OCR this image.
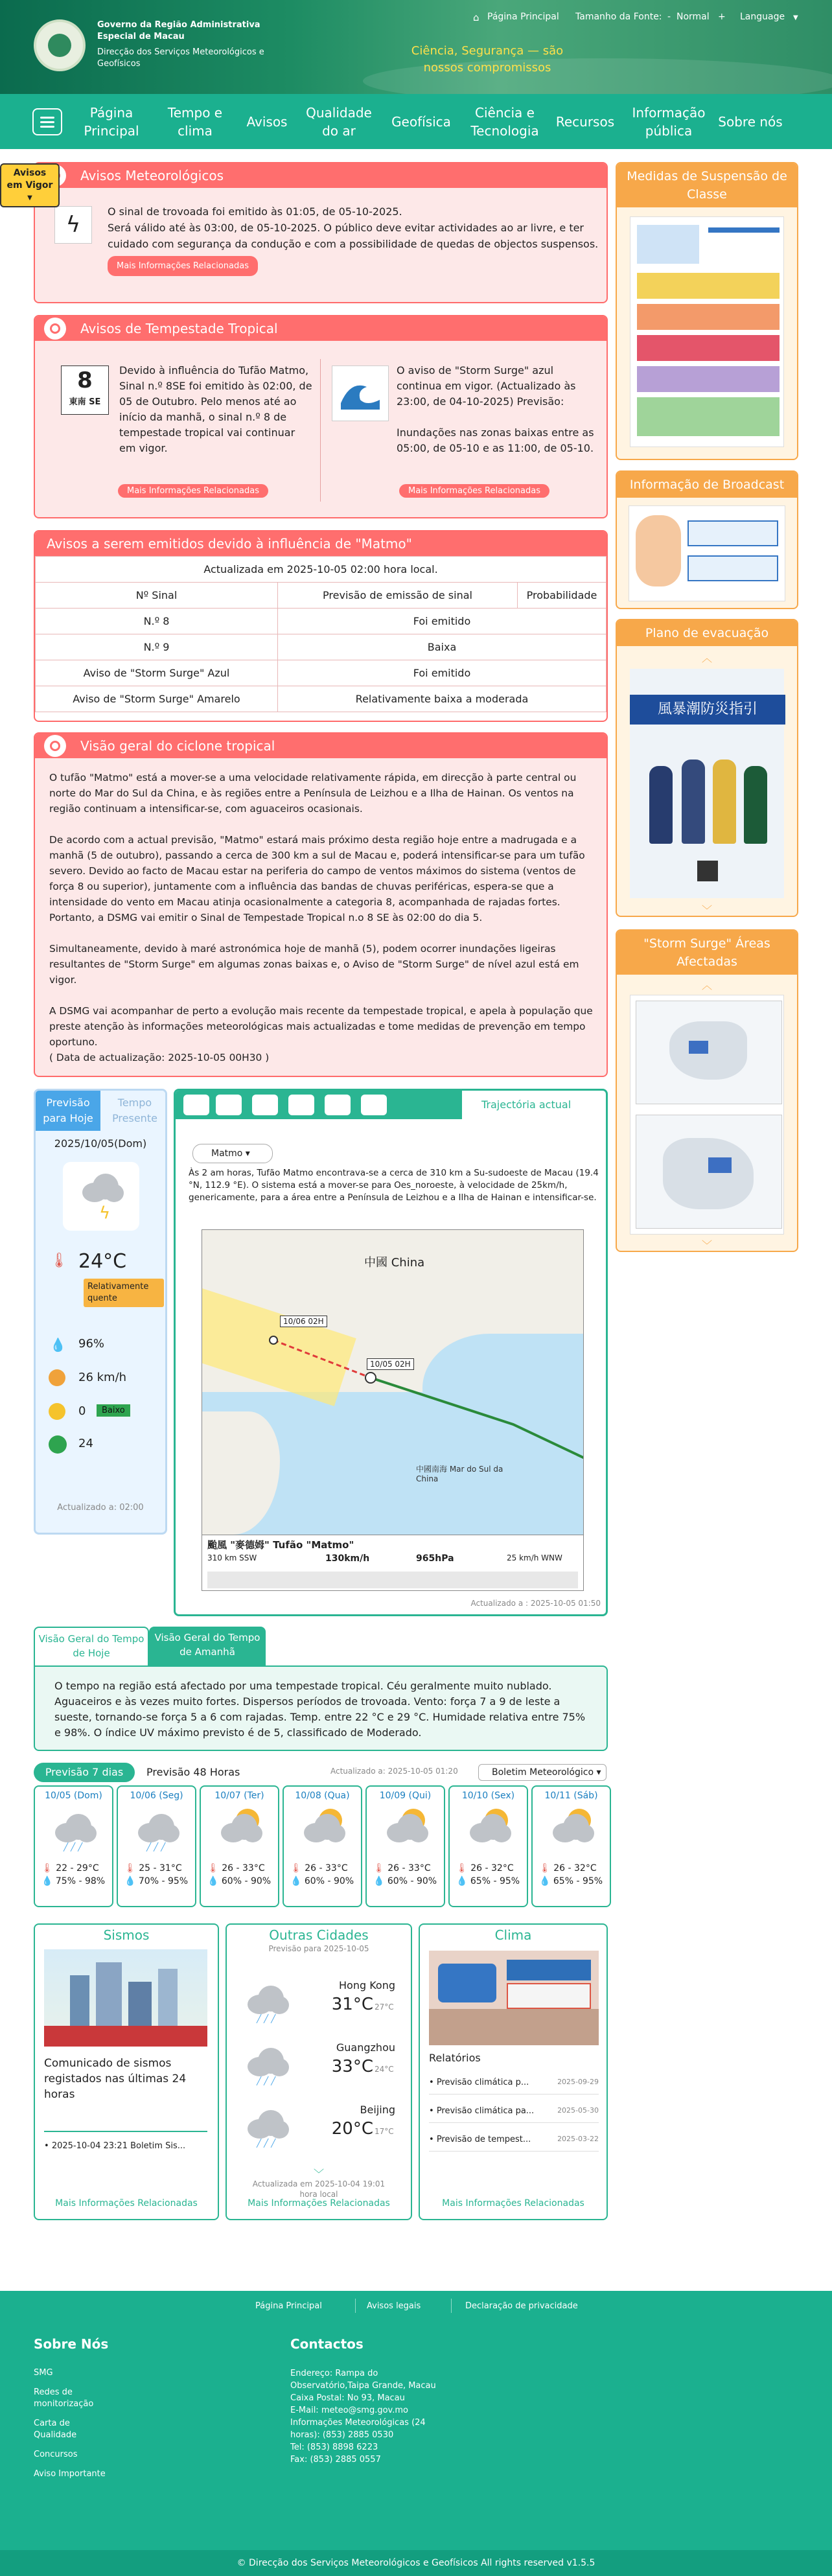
Governo da Região Administrativa Especial de Macau
Direcção dos Serviços Meteorológicos e Geofísicos
Ciência, Segurança — são nossos compromissos
⌂ Página Principal Tamanho da Fonte: - Normal + Language ▼
Página Principal
Tempo e clima
Avisos
Qualidade do ar
Geofísica
Ciência e Tecnologia
Recursos
Informação pública
Sobre nós
Avisos em Vigor
▼
Avisos Meteorológicos
ϟ
O sinal de trovoada foi emitido às 01:05, de 05-10-2025.
Será válido até às 03:00, de 05-10-2025. O público deve evitar actividades ao ar livre, e ter cuidado com segurança da condução e com a possibilidade de quedas de objectos suspensos.
Mais Informações Relacionadas
Avisos de Tempestade Tropical
8
東南 SE
Devido à influência do Tufão Matmo, Sinal n.º 8SE foi emitido às 02:00, de 05 de Outubro. Pelo menos até ao início da manhã, o sinal n.º 8 de tempestade tropical vai continuar em vigor.
Mais Informações Relacionadas
O aviso de "Storm Surge" azul continua em vigor. (Actualizado às 23:00, de 04-10-2025) Previsão:
Inundações nas zonas baixas entre as 05:00, de 05-10 e as 11:00, de 05-10.
Mais Informações Relacionadas
Avisos a serem emitidos devido à influência de "Matmo"
Actualizada em 2025-10-05 02:00 hora local.		
Nº Sinal	Previsão de emissão de sinal	Probabilidade
N.º 8	Foi emitido	
N.º 9	Baixa	
Aviso de "Storm Surge" Azul	Foi emitido	
Aviso de "Storm Surge" Amarelo	Relativamente baixa a moderada	
Visão geral do ciclone tropical

O tufão "Matmo" está a mover-se a uma velocidade relativamente rápida, em direcção à parte central ou norte do Mar do Sul da China, e às regiões entre a Península de Leizhou e a Ilha de Hainan. Os ventos na região continuam a intensificar-se, com aguaceiros ocasionais.

De acordo com a actual previsão, "Matmo" estará mais próximo desta região hoje entre a madrugada e a manhã (5 de outubro), passando a cerca de 300 km a sul de Macau e, poderá intensificar-se para um tufão severo. Devido ao facto de Macau estar na periferia do campo de ventos máximos do sistema (ventos de força 8 ou superior), juntamente com a influência das bandas de chuvas periféricas, espera-se que a intensidade do vento em Macau atinja ocasionalmente a categoria 8, acompanhada de rajadas fortes. Portanto, a DSMG vai emitir o Sinal de Tempestade Tropical n.o 8 SE às 02:00 do dia 5.

Simultaneamente, devido à maré astronómica hoje de manhã (5), podem ocorrer inundações ligeiras resultantes de "Storm Surge" em algumas zonas baixas e, o Aviso de "Storm Surge" de nível azul está em vigor.

A DSMG vai acompanhar de perto a evolução mais recente da tempestade tropical, e apela à população que preste atenção às informações meteorológicas mais actualizadas e tome medidas de prevenção em tempo oportuno.

( Data de actualização: 2025-10-05 00H30 )

Medidas de Suspensão de Classe
Informação de Broadcast
Plano de evacuação
︿
風暴潮防災指引
﹀
"Storm Surge" Áreas Afectadas
︿
﹀
Previsão para Hoje
Tempo Presente
2025/10/05(Dom)
ϟ
🌡 24°C
Relativamente quente
💧 96%
26 km/h
0	Baixo
24
Actualizado a: 02:00
Trajectória actual
Matmo ▾
Às 2 am horas, Tufão Matmo encontrava-se a cerca de 310 km a Su-sudoeste de Macau (19.4 °N, 112.9 °E). O sistema está a mover-se para Oes_noroeste, à velocidade de 25km/h, genericamente, para a área entre a Península de Leizhou e a Ilha de Hainan e intensificar-se.
中國 China
中國南海 Mar do Sul da China
10/06 02H
10/05 02H
颱風 "麥德姆" Tufão "Matmo"
310 km SSW	130km/h	965hPa	25 km/h WNW
Actualizado a : 2025-10-05 01:50
Visão Geral do Tempo de Hoje
Visão Geral do Tempo de Amanhã
O tempo na região está afectado por uma tempestade tropical. Céu geralmente muito nublado. Aguaceiros e às vezes muito fortes. Dispersos períodos de trovoada. Vento: força 7 a 9 de leste a sueste, tornando-se força 5 a 6 com rajadas. Temp. entre 22 °C e 29 °C. Humidade relativa entre 75% e 98%. O índice UV máximo previsto é de 5, classificado de Moderado.
Previsão 7 dias	Previsão 48 Horas	Actualizado a: 2025-10-05 01:20	Boletim Meteorológico ▾
10/05 (Dom)
╱ ╱ ╱
🌡 22 - 29°C
💧 75% - 98%
10/06 (Seg)
╱ ╱ ╱
🌡 25 - 31°C
💧 70% - 95%
10/07 (Ter)
🌡 26 - 33°C
💧 60% - 90%
10/08 (Qua)
🌡 26 - 33°C
💧 60% - 90%
10/09 (Qui)
🌡 26 - 33°C
💧 60% - 90%
10/10 (Sex)
🌡 26 - 32°C
💧 65% - 95%
10/11 (Sáb)
🌡 26 - 32°C
💧 65% - 95%
Sismos
Comunicado de sismos registados nas últimas 24 horas
• 2025-10-04 23:21 Boletim Sis...
Mais Informações Relacionadas
Outras Cidades
Previsão para 2025-10-05
╱ ╱ ╱
Hong Kong
31°C 27°C
╱ ╱ ╱
Guangzhou
33°C 24°C
╱ ╱ ╱
Beijing
20°C 17°C
﹀
Actualizada em 2025-10-04 19:01 hora local
Mais Informações Relacionadas
Clima
Relatórios
• Previsão climática p...	2025-09-29
• Previsão climática pa...	2025-05-30
• Previsão de tempest...	2025-03-22
Mais Informações Relacionadas
Página Principal	Avisos legais	Declaração de privacidade
Sobre Nós
SMG
Redes de monitorização
Carta de Qualidade
Concursos
Aviso Importante
Contactos
Endereço: Rampa do Observatório,Taipa Grande, Macau
Caixa Postal: No 93, Macau
E-Mail: meteo@smg.gov.mo
Informações Meteorológicas (24 horas): (853) 2885 0530
Tel: (853) 8898 6223
Fax: (853) 2885 0557
© Direcção dos Serviços Meteorológicos e Geofísicos All rights reserved v1.5.5
